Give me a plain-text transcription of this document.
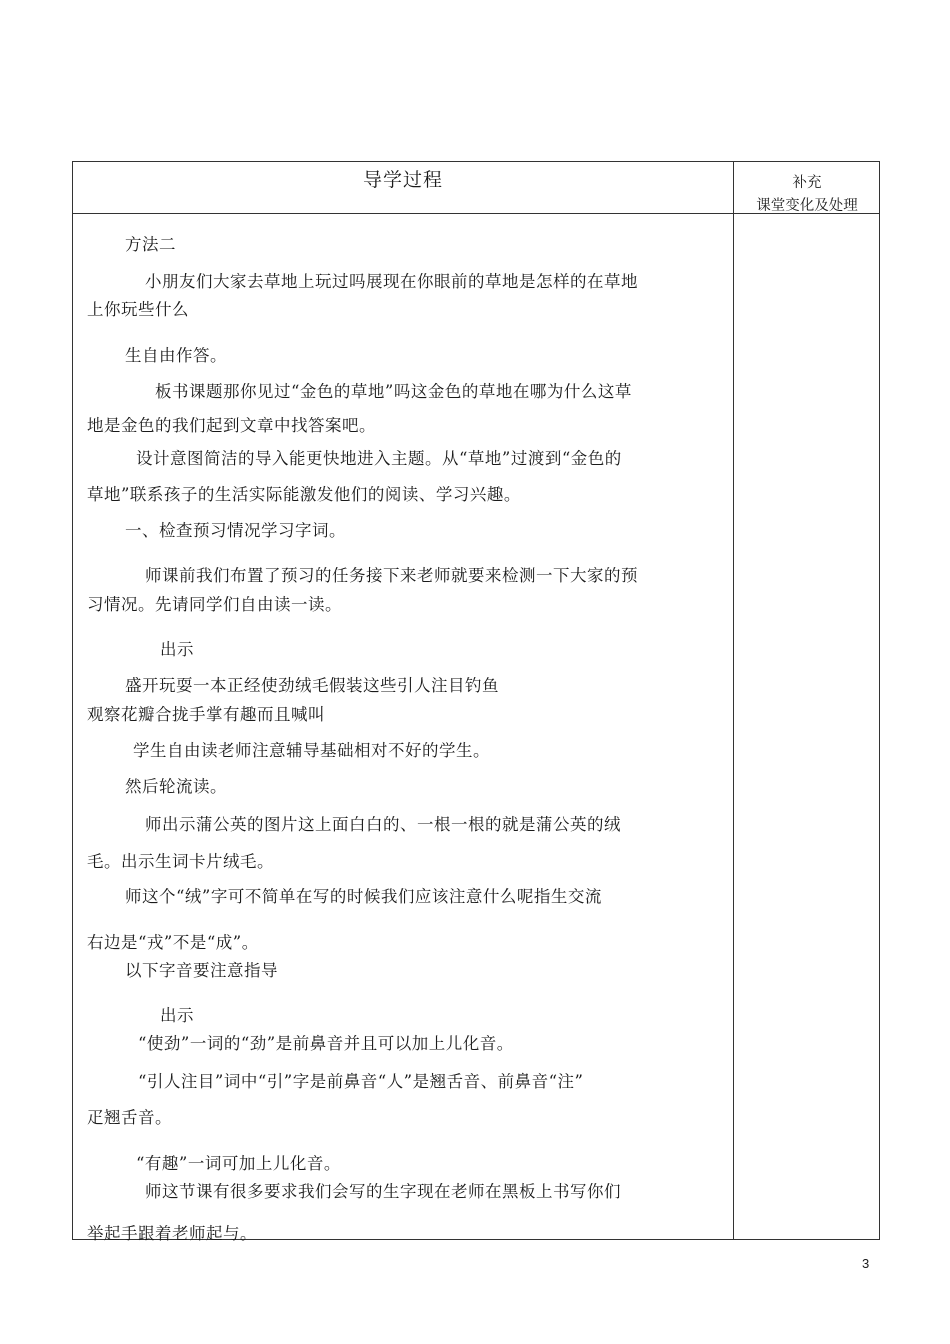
导学过程	补充
课堂变化及处理
方法二
小朋友们大家去草地上玩过吗展现在你眼前的草地是怎样的在草地
上你玩些什么
生自由作答。
板书课题那你见过“金色的草地”吗这金色的草地在哪为什么这草
地是金色的我们起到文章中找答案吧。
设计意图简洁的导入能更快地进入主题。从“草地”过渡到“金色的
草地”联系孩子的生活实际能激发他们的阅读、学习兴趣。
一、检查预习情况学习字词。
师课前我们布置了预习的任务接下来老师就要来检测一下大家的预
习情况。先请同学们自由读一读。
出示
盛开玩耍一本正经使劲绒毛假装这些引人注目钓鱼
观察花瓣合拢手掌有趣而且喊叫
学生自由读老师注意辅导基础相对不好的学生。
然后轮流读。
师出示蒲公英的图片这上面白白的、一根一根的就是蒲公英的绒
毛。出示生词卡片绒毛。
师这个“绒”字可不简单在写的时候我们应该注意什么呢指生交流
右边是“戎”不是“成”。
以下字音要注意指导
出示
“使劲”一词的“劲”是前鼻音并且可以加上儿化音。
“引人注目”词中“引”字是前鼻音“人”是翘舌音、前鼻音“注”
疋翘舌音。
“有趣”一词可加上儿化音。
师这节课有很多要求我们会写的生字现在老师在黑板上书写你们
举起手跟着老师起与。
3
